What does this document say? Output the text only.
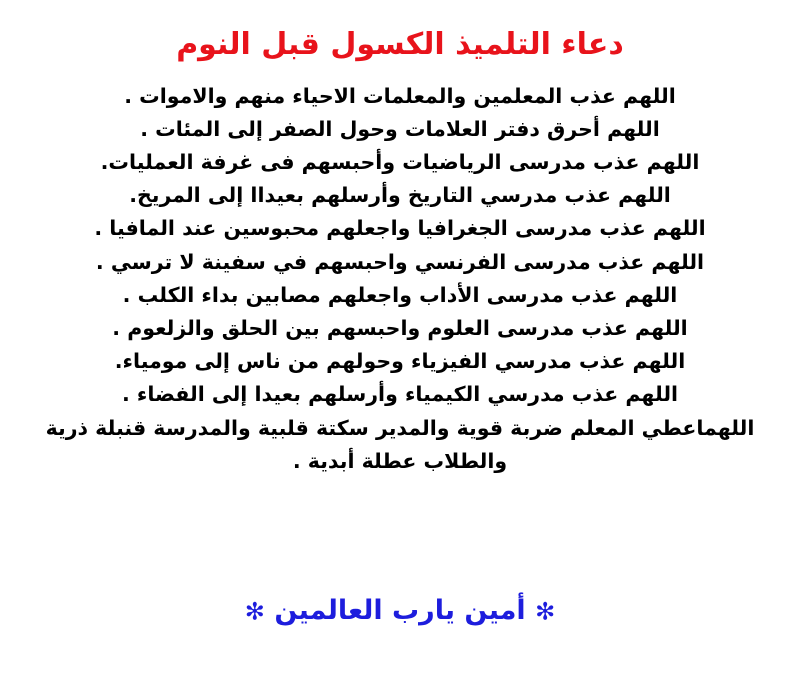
دعاء التلميذ الكسول قبل النوم
اللهم عذب المعلمين والمعلمات الاحياء منهم والاموات .
اللهم أحرق دفتر العلامات وحول الصفر إلى المئات .
اللهم عذب مدرسى الرياضيات وأحبسهم فى غرفة العمليات.
اللهم عذب مدرسي التاريخ وأرسلهم بعيداا إلى المريخ.
اللهم عذب مدرسى الجغرافيا واجعلهم محبوسين عند المافيا .
اللهم عذب مدرسى الفرنسي واحبسهم في سفينة لا ترسي .
اللهم عذب مدرسى الأداب واجعلهم مصابين بداء الكلب .
اللهم عذب مدرسى العلوم واحبسهم بين الحلق والزلعوم .
اللهم عذب مدرسي الفيزياء وحولهم من ناس إلى مومياء.
اللهم عذب مدرسي الكيمياء وأرسلهم بعيدا إلى الفضاء .
اللهماعطي المعلم ضربة قوية والمدير سكتة قلبية والمدرسة قنبلة ذرية والطلاب عطلة أبدية .
✻ أمين يارب العالمين ✻
